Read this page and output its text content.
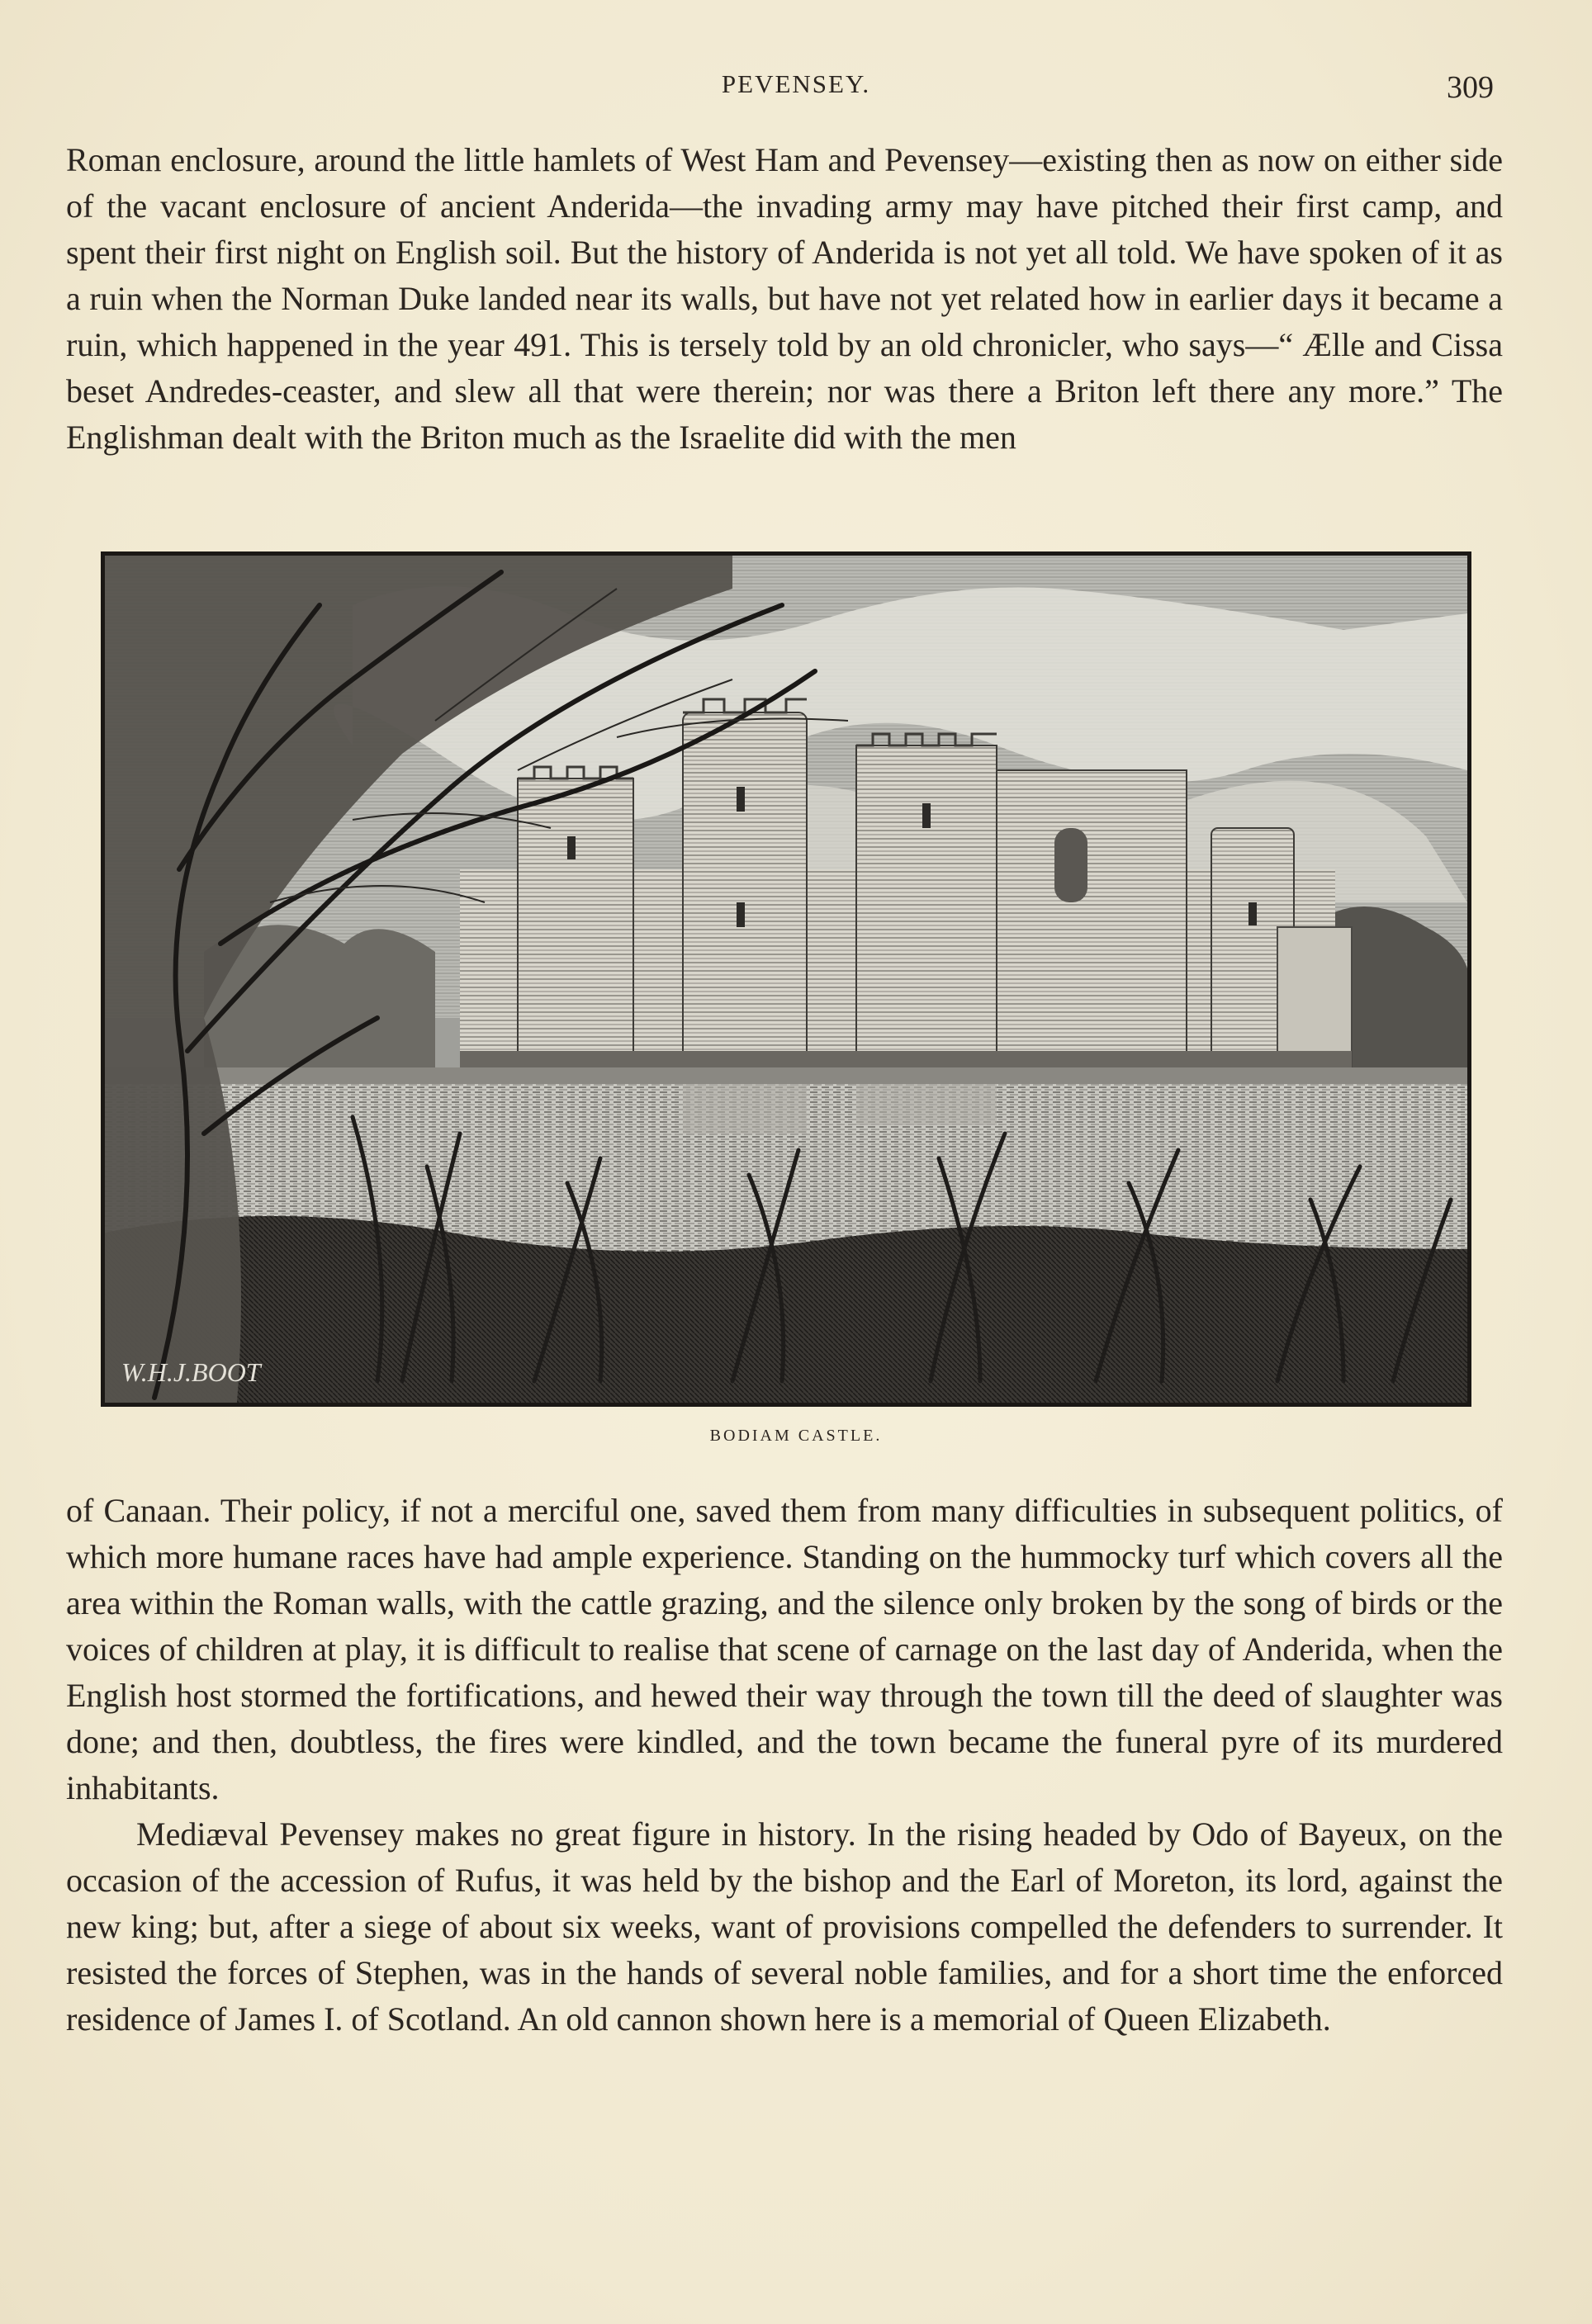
PEVENSEY.	309

Roman enclosure, around the little hamlets of West Ham and Pevensey—existing then as now on either side of the vacant enclosure of ancient Anderida—the invading army may have pitched their first camp, and spent their first night on English soil. But the history of Anderida is not yet all told. We have spoken of it as a ruin when the Norman Duke landed near its walls, but have not yet related how in earlier days it became a ruin, which happened in the year 491. This is tersely told by an old chronicler, who says—“ Ælle and Cissa beset Andredes-ceaster, and slew all that were therein; nor was there a Briton left there any more.” The Englishman dealt with the Briton much as the Israelite did with the men

W.H.J.BOOT
BODIAM CASTLE.

of Canaan. Their policy, if not a merciful one, saved them from many difficulties in subsequent politics, of which more humane races have had ample experience. Standing on the hummocky turf which covers all the area within the Roman walls, with the cattle grazing, and the silence only broken by the song of birds or the voices of children at play, it is difficult to realise that scene of carnage on the last day of Anderida, when the English host stormed the fortifications, and hewed their way through the town till the deed of slaughter was done; and then, doubtless, the fires were kindled, and the town became the funeral pyre of its murdered inhabitants.

Mediæval Pevensey makes no great figure in history. In the rising headed by Odo of Bayeux, on the occasion of the accession of Rufus, it was held by the bishop and the Earl of Moreton, its lord, against the new king; but, after a siege of about six weeks, want of provisions compelled the defenders to surrender. It resisted the forces of Stephen, was in the hands of several noble families, and for a short time the enforced residence of James I. of Scotland. An old cannon shown here is a memorial of Queen Elizabeth.
